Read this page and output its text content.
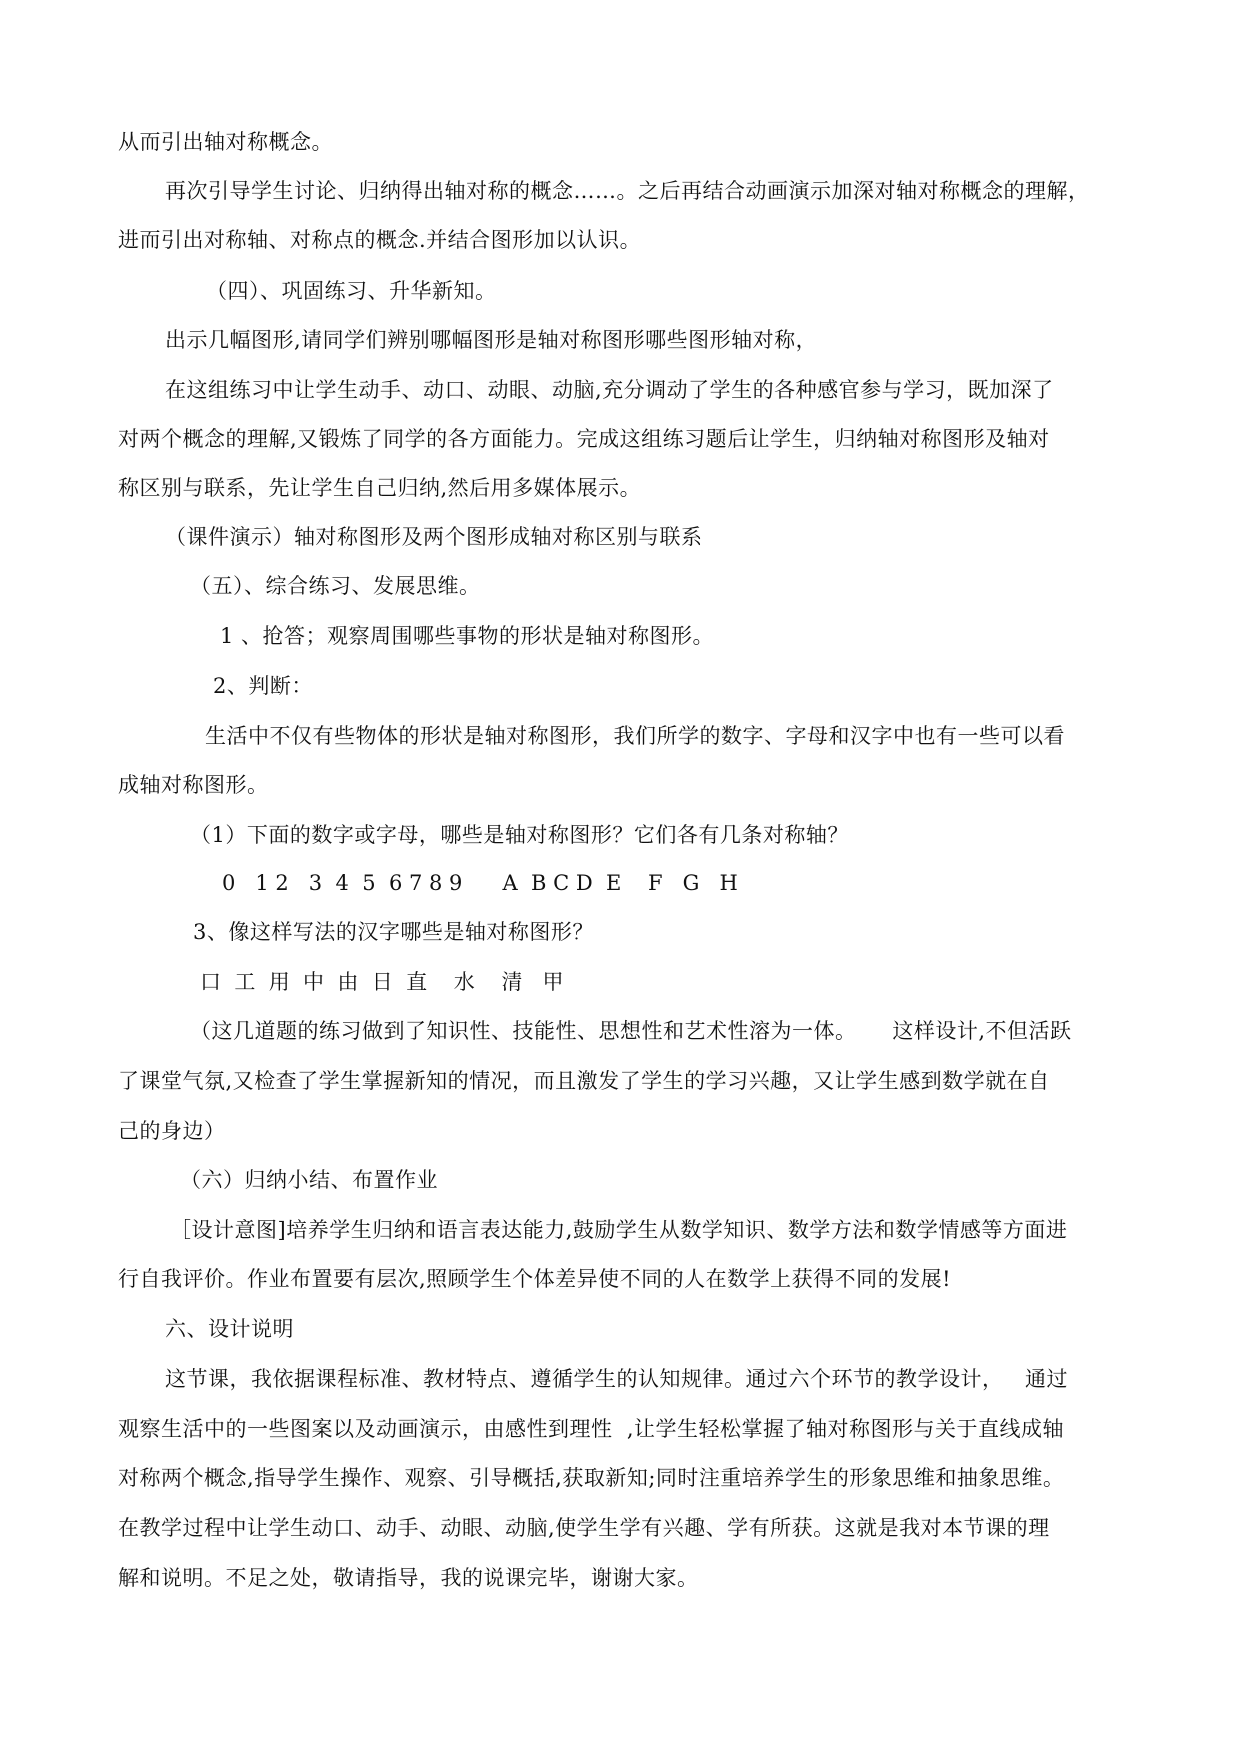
从而引出轴对称概念。
再次引导学生讨论、归纳得出轴对称的概念……。之后再结合动画演示加深对轴对称概念的理解，
进而引出对称轴、对称点的概念.并结合图形加以认识。
（四）、巩固练习、升华新知。
出示几幅图形,请同学们辨别哪幅图形是轴对称图形哪些图形轴对称，
在这组练习中让学生动手、动口、动眼、动脑,充分调动了学生的各种感官参与学习，既加深了
对两个概念的理解,又锻炼了同学的各方面能力。完成这组练习题后让学生，归纳轴对称图形及轴对
称区别与联系，先让学生自己归纳,然后用多媒体展示。
（课件演示）轴对称图形及两个图形成轴对称区别与联系
（五）、综合练习、发展思维。
1 、抢答；观察周围哪些事物的形状是轴对称图形。
2、判断：
生活中不仅有些物体的形状是轴对称图形，我们所学的数字、字母和汉字中也有一些可以看
成轴对称图形。
（1）下面的数字或字母，哪些是轴对称图形？它们各有几条对称轴？
0   1 2   3  4  5  6 7 8 9      A  B C D  E    F   G   H
3、像这样写法的汉字哪些是轴对称图形？
口  工  用  中  由  日  直    水    清   甲
（这几道题的练习做到了知识性、技能性、思想性和艺术性溶为一体。     这样设计,不但活跃
了课堂气氛,又检查了学生掌握新知的情况，而且激发了学生的学习兴趣，又让学生感到数学就在自
己的身边）
（六）归纳小结、布置作业
［设计意图]培养学生归纳和语言表达能力,鼓励学生从数学知识、数学方法和数学情感等方面进
行自我评价。作业布置要有层次,照顾学生个体差异使不同的人在数学上获得不同的发展!
六、设计说明
这节课，我依据课程标准、教材特点、遵循学生的认知规律。通过六个环节的教学设计，   通过
观察生活中的一些图案以及动画演示，由感性到理性  ,让学生轻松掌握了轴对称图形与关于直线成轴
对称两个概念,指导学生操作、观察、引导概括,获取新知;同时注重培养学生的形象思维和抽象思维。
在教学过程中让学生动口、动手、动眼、动脑,使学生学有兴趣、学有所获。这就是我对本节课的理
解和说明。不足之处，敬请指导，我的说课完毕，谢谢大家。
